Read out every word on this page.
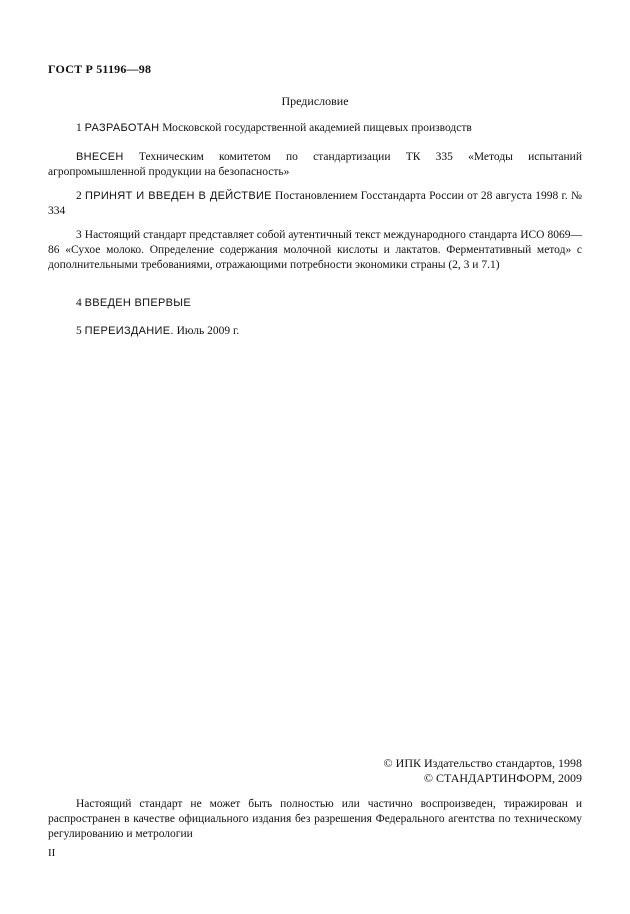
ГОСТ Р 51196—98
Предисловие
1 РАЗРАБОТАН Московской государственной академией пищевых производств
ВНЕСЕН Техническим комитетом по стандартизации ТК 335 «Методы испытаний агропромышленной продукции на безопасность»
2 ПРИНЯТ И ВВЕДЕН В ДЕЙСТВИЕ Постановлением Госстандарта России от 28 августа 1998 г. № 334
3 Настоящий стандарт представляет собой аутентичный текст международного стандарта ИСО 8069—86 «Сухое молоко. Определение содержания молочной кислоты и лактатов. Ферментативный метод» с дополнительными требованиями, отражающими потребности экономики страны (2, 3 и 7.1)
4 ВВЕДЕН ВПЕРВЫЕ
5 ПЕРЕИЗДАНИЕ. Июль 2009 г.
© ИПК Издательство стандартов, 1998
© СТАНДАРТИНФОРМ, 2009
Настоящий стандарт не может быть полностью или частично воспроизведен, тиражирован и распространен в качестве официального издания без разрешения Федерального агентства по техническому регулированию и метрологии
II
